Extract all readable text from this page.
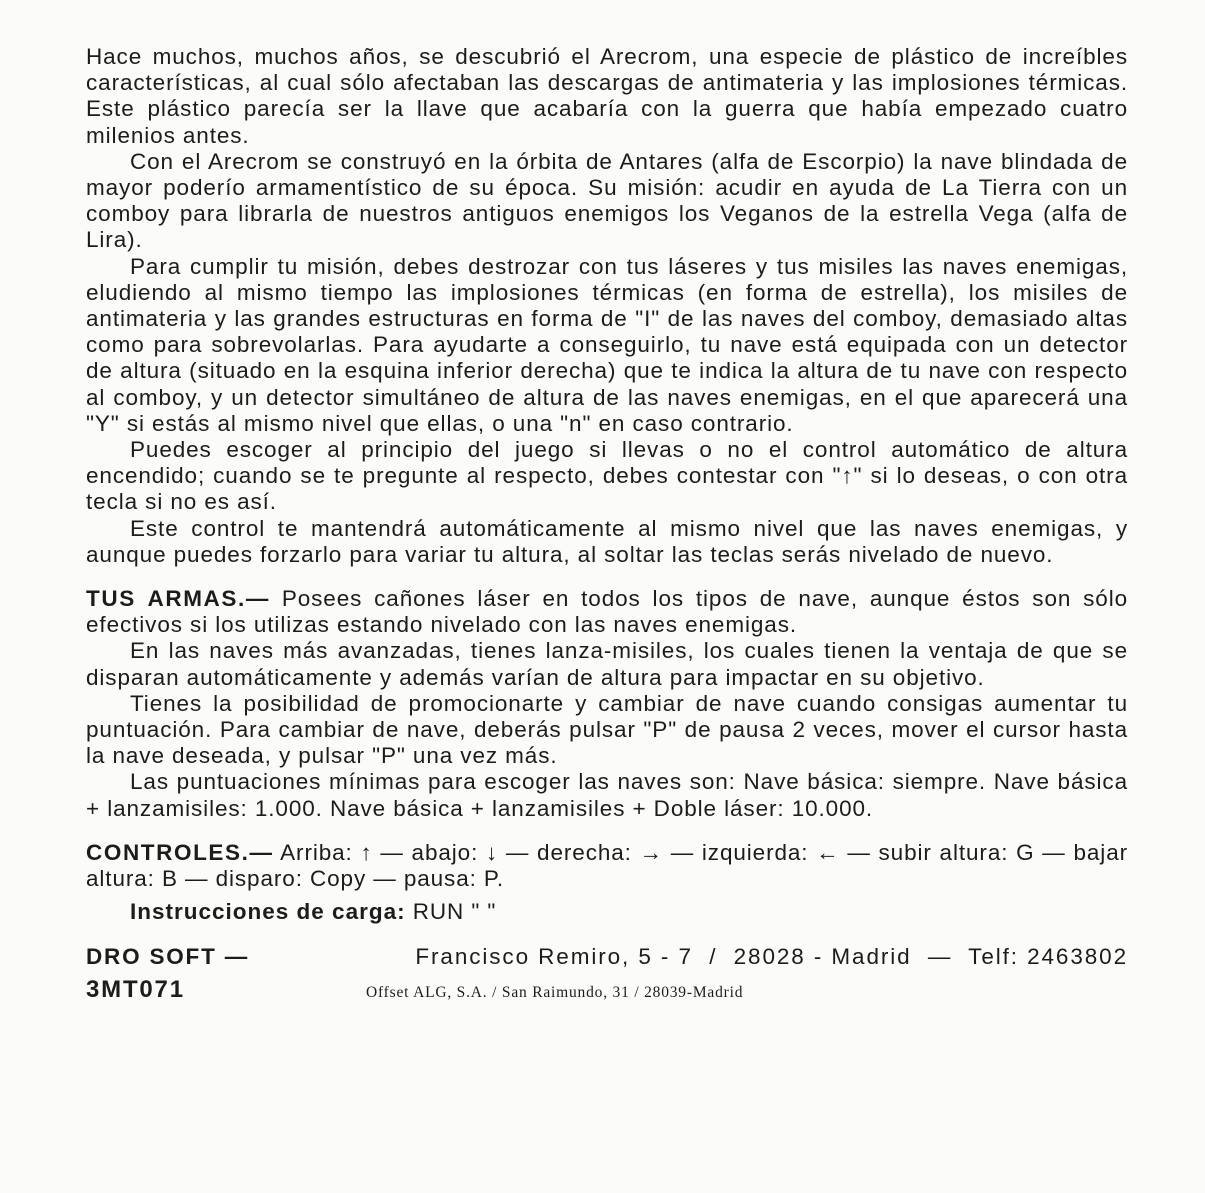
Hace muchos, muchos años, se descubrió el Arecrom, una especie de plástico de increíbles características, al cual sólo afectaban las descargas de antimateria y las implosiones térmicas. Este plástico parecía ser la llave que acabaría con la guerra que había empezado cuatro milenios antes.

Con el Arecrom se construyó en la órbita de Antares (alfa de Escorpio) la nave blindada de mayor poderío armamentístico de su época. Su misión: acudir en ayuda de La Tierra con un comboy para librarla de nuestros antiguos enemigos los Veganos de la estrella Vega (alfa de Lira).

Para cumplir tu misión, debes destrozar con tus láseres y tus misiles las naves enemigas, eludiendo al mismo tiempo las implosiones térmicas (en forma de estrella), los misiles de antimateria y las grandes estructuras en forma de "I" de las naves del comboy, demasiado altas como para sobrevolarlas. Para ayudarte a conseguirlo, tu nave está equipada con un detector de altura (situado en la esquina inferior derecha) que te indica la altura de tu nave con respecto al comboy, y un detector simultáneo de altura de las naves enemigas, en el que aparecerá una "Y" si estás al mismo nivel que ellas, o una "n" en caso contrario.

Puedes escoger al principio del juego si llevas o no el control automático de altura encendido; cuando se te pregunte al respecto, debes contestar con "↑" si lo deseas, o con otra tecla si no es así.

Este control te mantendrá automáticamente al mismo nivel que las naves enemigas, y aunque puedes forzarlo para variar tu altura, al soltar las teclas serás nivelado de nuevo.

TUS ARMAS.— Posees cañones láser en todos los tipos de nave, aunque éstos son sólo efectivos si los utilizas estando nivelado con las naves enemigas.

En las naves más avanzadas, tienes lanza-misiles, los cuales tienen la ventaja de que se disparan automáticamente y además varían de altura para impactar en su objetivo.

Tienes la posibilidad de promocionarte y cambiar de nave cuando consigas aumentar tu puntuación. Para cambiar de nave, deberás pulsar "P" de pausa 2 veces, mover el cursor hasta la nave deseada, y pulsar "P" una vez más.

Las puntuaciones mínimas para escoger las naves son: Nave básica: siempre. Nave básica + lanzamisiles: 1.000. Nave básica + lanzamisiles + Doble láser: 10.000.

CONTROLES.— Arriba: ↑ — abajo: ↓ — derecha: → — izquierda: ← — subir altura: G — bajar altura: B — disparo: Copy — pausa: P.

Instrucciones de carga: RUN " "
DRO SOFT —	Francisco Remiro, 5 - 7  /  28028 - Madrid  —  Telf: 2463802
3MT071	Offset ALG, S.A. / San Raimundo, 31 / 28039-Madrid
